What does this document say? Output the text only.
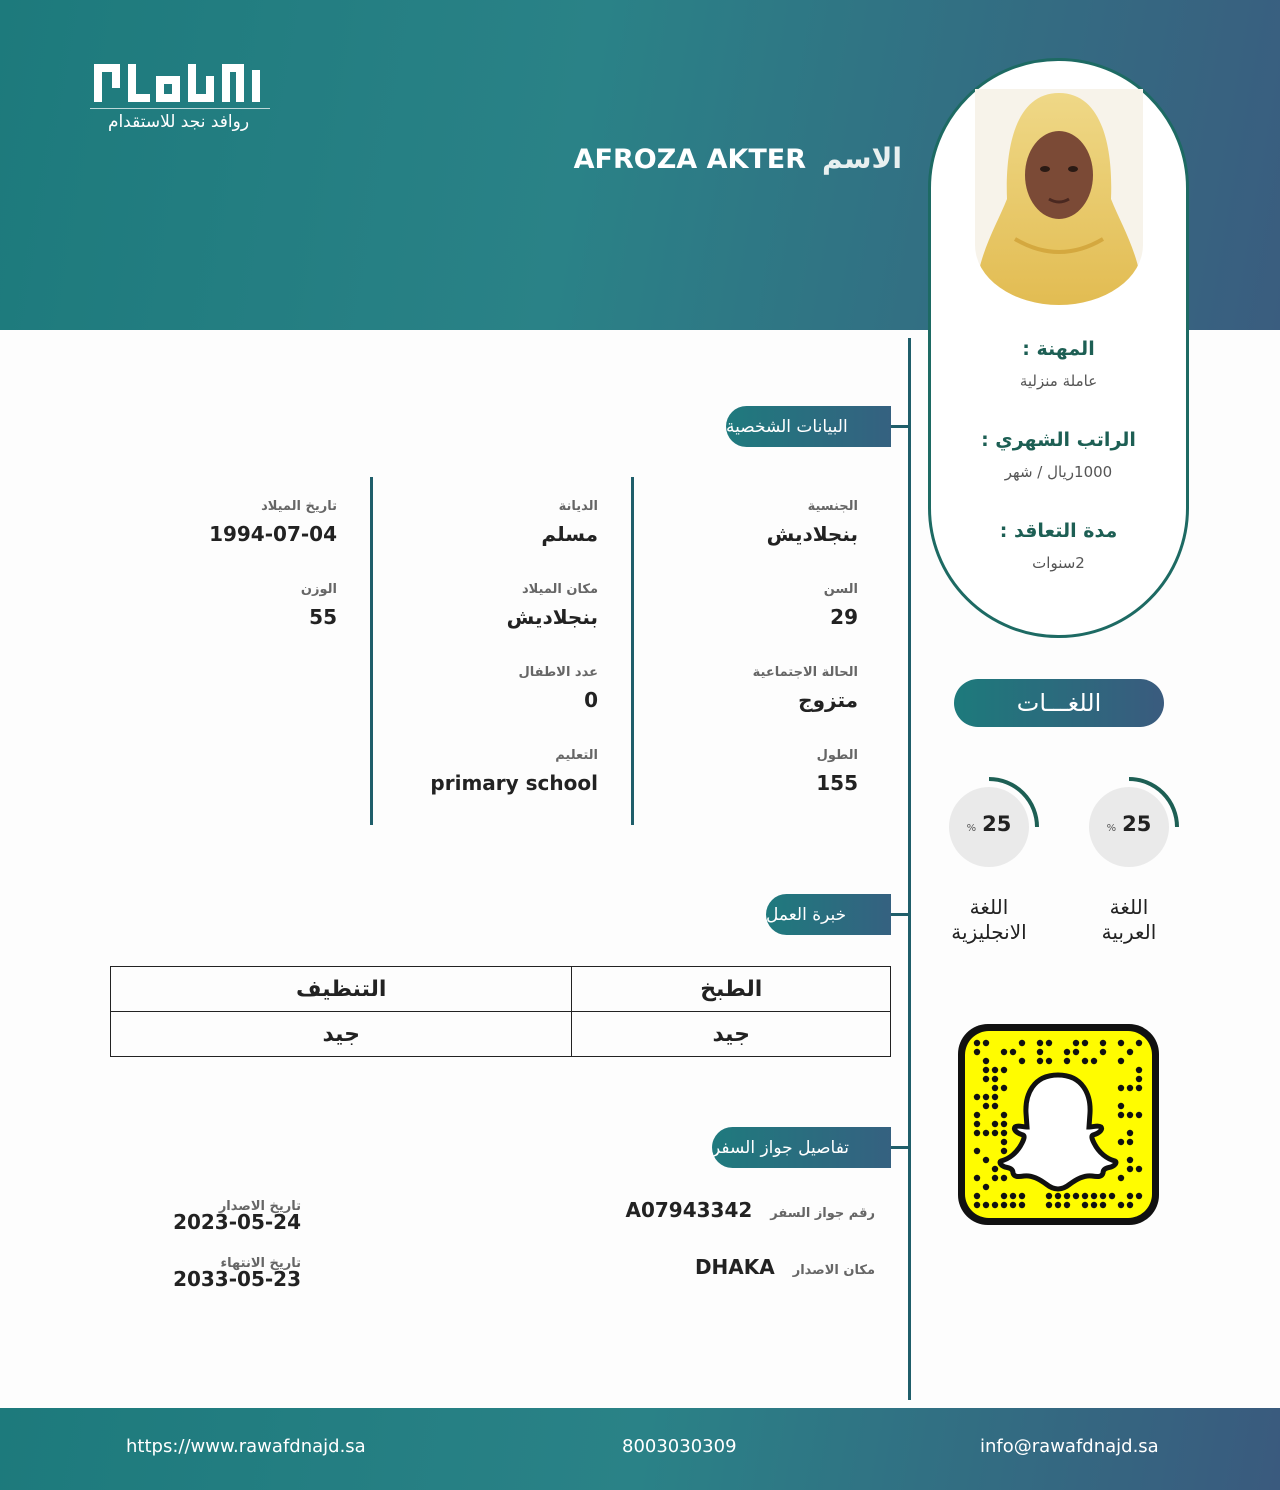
روافد نجد للاستقدام
الاسم
AFROZA AKTER
المهنة :
عاملة منزلية
الراتب الشهري :
1000ريال / شهر
مدة التعاقد :
2سنوات
البيانات الشخصية
خبرة العمل
تفاصيل جواز السفر
الجنسية
بنجلاديش
الديانة
مسلم
تاريخ الميلاد
1994-07-04
السن
29
مكان الميلاد
بنجلاديش
الوزن
55
الحالة الاجتماعية
متزوج
عدد الاطفال
0
الطول
155
التعليم
primary school
اللغـــات
% 25
اللغة
العربية
% 25
اللغة
الانجليزية
الطبخ	التنظيف
جيد	جيد
رقم جواز السفر
A07943342
مكان الاصدار
DHAKA
تاريخ الاصدار
2023-05-24
تاريخ الانتهاء
2033-05-23
https://www.rawafdnajd.sa	8003030309	info@rawafdnajd.sa
